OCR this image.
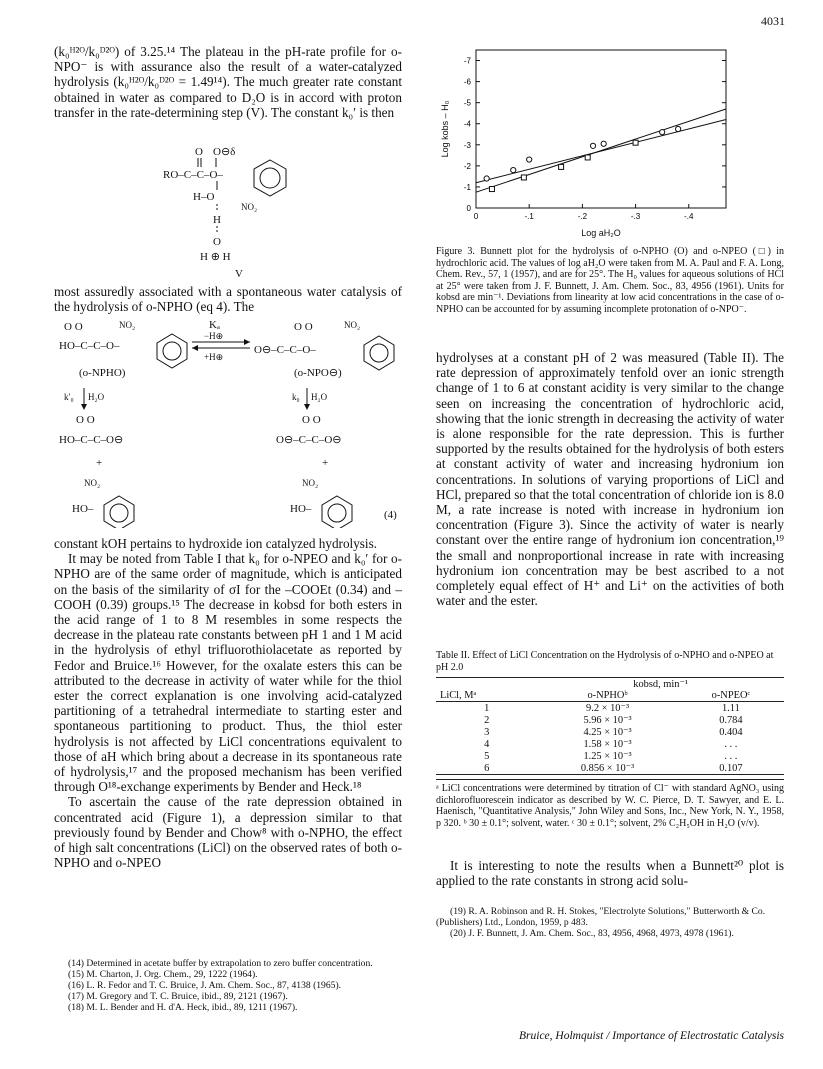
4031

(k₀ᴴ²ᴼ/k₀ᴰ²ᴼ) of 3.25.¹⁴ The plateau in the pH-rate profile for o-NPO⁻ is with assurance also the result of a water-catalyzed hydrolysis (k₀ᴴ²ᴼ/k₀ᴰ²ᴼ = 1.49¹⁴). The much greater rate constant obtained in water as compared to D₂O is in accord with proton transfer in the rate-determining step (V). The constant k₀′ is then

O O⊖δ
RO–C–C–O–
H–O
NO₂
H
O
H ⊕ H
V

most assuredly associated with a spontaneous water catalysis of the hydrolysis of o-NPHO (eq 4). The

O O	NO₂
HO–C–C–O–
Kₐ
−H⊕
+H⊕
O O	NO₂
O⊖–C–C–O–
(o-NPHO)	(o-NPO⊖)
k′₀ H₂O	k₀ H₂O
O O
HO–C–C–O⊖
O O
O⊖–C–C–O⊖
+	+
NO₂	NO₂
HO–	HO–	(4)

constant kOH pertains to hydroxide ion catalyzed hydrolysis.

It may be noted from Table I that k₀ for o-NPEO and k₀′ for o-NPHO are of the same order of magnitude, which is anticipated on the basis of the similarity of σI for the –COOEt (0.34) and –COOH (0.39) groups.¹⁵ The decrease in kobsd for both esters in the acid range of 1 to 8 M resembles in some respects the decrease in the plateau rate constants between pH 1 and 1 M acid in the hydrolysis of ethyl trifluorothiolacetate as reported by Fedor and Bruice.¹⁶ However, for the oxalate esters this can be attributed to the decrease in activity of water while for the thiol ester the correct explanation is one involving acid-catalyzed partitioning of a tetrahedral intermediate to starting ester and spontaneous partitioning to product. Thus, the thiol ester hydrolysis is not affected by LiCl concentrations equivalent to those of aH which bring about a decrease in its spontaneous rate of hydrolysis,¹⁷ and the proposed mechanism has been verified through O¹⁸-exchange experiments by Bender and Heck.¹⁸

To ascertain the cause of the rate depression obtained in concentrated acid (Figure 1), a depression similar to that previously found by Bender and Chow⁸ with o-NPHO, the effect of high salt concentrations (LiCl) on the observed rates of both o-NPHO and o-NPEO

(14) Determined in acetate buffer by extrapolation to zero buffer concentration.
(15) M. Charton, J. Org. Chem., 29, 1222 (1964).
(16) L. R. Fedor and T. C. Bruice, J. Am. Chem. Soc., 87, 4138 (1965).
(17) M. Gregory and T. C. Bruice, ibid., 89, 2121 (1967).
(18) M. L. Bender and H. d'A. Heck, ibid., 89, 1211 (1967).
0	-.1	-.2	-.3	-.4
0
-1
-2
-3
-4
-5
-6
-7
Log kobs – H₀
Log aH₂O
Figure 3. Bunnett plot for the hydrolysis of o-NPHO (O) and o-NPEO (□) in hydrochloric acid. The values of log aH₂O were taken from M. A. Paul and F. A. Long, Chem. Rev., 57, 1 (1957), and are for 25°. The H₀ values for aqueous solutions of HCl at 25° were taken from J. F. Bunnett, J. Am. Chem. Soc., 83, 4956 (1961). Units for kobsd are min⁻¹. Deviations from linearity at low acid concentrations in the case of o-NPHO can be accounted for by assuming incomplete protonation of o-NPO⁻.

hydrolyses at a constant pH of 2 was measured (Table II). The rate depression of approximately tenfold over an ionic strength change of 1 to 6 at constant acidity is very similar to the change seen on increasing the concentration of hydrochloric acid, showing that the ionic strength in decreasing the activity of water is alone responsible for the rate depression. This is further supported by the results obtained for the hydrolysis of both esters at constant activity of water and increasing hydronium ion concentrations. In solutions of varying proportions of LiCl and HCl, prepared so that the total concentration of chloride ion is 8.0 M, a rate increase is noted with increase in hydronium ion concentration (Figure 3). Since the activity of water is nearly constant over the entire range of hydronium ion concentration,¹⁹ the small and nonproportional increase in rate with increasing hydronium ion concentration may be best ascribed to a not completely equal effect of H⁺ and Li⁺ on the activities of both water and the ester.

Table II. Effect of LiCl Concentration on the Hydrolysis of o-NPHO and o-NPEO at pH 2.0
	kobsd, min⁻¹	
LiCl, Mᵃ	o-NPHOᵇ	o-NPEOᶜ
1	9.2 × 10⁻³	1.11
2	5.96 × 10⁻³	0.784
3	4.25 × 10⁻³	0.404
4	1.58 × 10⁻³	. . .
5	1.25 × 10⁻³	. . .
6	0.856 × 10⁻³	0.107
ᵃ LiCl concentrations were determined by titration of Cl⁻ with standard AgNO₃ using dichlorofluorescein indicator as described by W. C. Pierce, D. T. Sawyer, and E. L. Haenisch, "Quantitative Analysis," John Wiley and Sons, Inc., New York, N. Y., 1958, p 320. ᵇ 30 ± 0.1°; solvent, water. ᶜ 30 ± 0.1°; solvent, 2% C₂H₅OH in H₂O (v/v).

It is interesting to note the results when a Bunnett²⁰ plot is applied to the rate constants in strong acid solu-

(19) R. A. Robinson and R. H. Stokes, "Electrolyte Solutions," Butterworth & Co. (Publishers) Ltd., London, 1959, p 483.
(20) J. F. Bunnett, J. Am. Chem. Soc., 83, 4956, 4968, 4973, 4978 (1961).
Bruice, Holmquist / Importance of Electrostatic Catalysis
